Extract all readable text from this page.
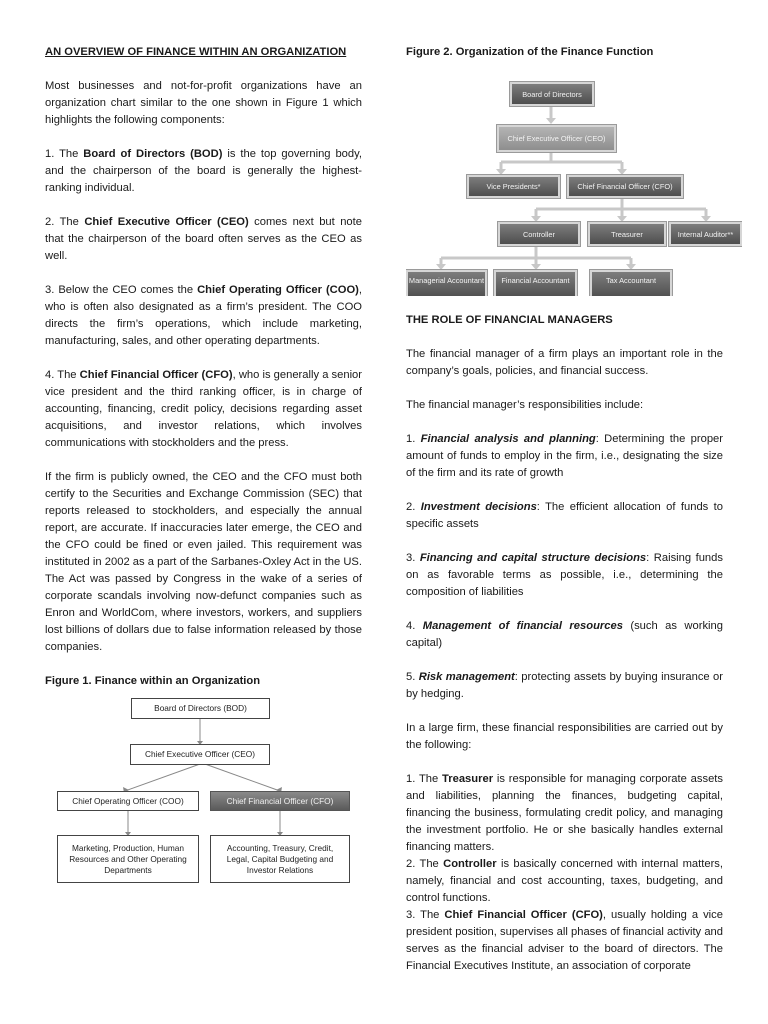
AN OVERVIEW OF FINANCE WITHIN AN ORGANIZATION

Most businesses and not-for-profit organizations have an organization chart similar to the one shown in Figure 1 which highlights the following components:

1. The Board of Directors (BOD) is the top governing body, and the chairperson of the board is generally the highest-ranking individual.

2. The Chief Executive Officer (CEO) comes next but note that the chairperson of the board often serves as the CEO as well.

3. Below the CEO comes the Chief Operating Officer (COO), who is often also designated as a firm’s president. The COO directs the firm’s operations, which include marketing, manufacturing, sales, and other operating departments.

4. The Chief Financial Officer (CFO), who is generally a senior vice president and the third ranking officer, is in charge of accounting, financing, credit policy, decisions regarding asset acquisitions, and investor relations, which involves communications with stockholders and the press.

If the firm is publicly owned, the CEO and the CFO must both certify to the Securities and Exchange Commission (SEC) that reports released to stockholders, and especially the annual report, are accurate. If inaccuracies later emerge, the CEO and the CFO could be fined or even jailed. This requirement was instituted in 2002 as a part of the Sarbanes-Oxley Act in the US. The Act was passed by Congress in the wake of a series of corporate scandals involving now-defunct companies such as Enron and WorldCom, where investors, workers, and suppliers lost billions of dollars due to false information released by those companies.

Figure 1. Finance within an Organization
Board of Directors (BOD)
Chief Executive Officer (CEO)
Chief Operating Officer (COO)	Chief Financial Officer (CFO)
Marketing, Production, Human Resources and Other Operating Departments
Accounting, Treasury, Credit, Legal, Capital Budgeting and Investor Relations
Figure 2. Organization of the Finance Function
Board of Directors
Chief Executive Officer (CEO)
Vice Presidents*	Chief Financial Officer (CFO)
Controller	Treasurer	Internal Auditor**
Managerial Accountant	Financial Accountant	Tax Accountant
THE ROLE OF FINANCIAL MANAGERS

The financial manager of a firm plays an important role in the company’s goals, policies, and financial success.

The financial manager’s responsibilities include:

1. Financial analysis and planning: Determining the proper amount of funds to employ in the firm, i.e., designating the size of the firm and its rate of growth

2. Investment decisions: The efficient allocation of funds to specific assets

3. Financing and capital structure decisions: Raising funds on as favorable terms as possible, i.e., determining the composition of liabilities

4. Management of financial resources (such as working capital)

5. Risk management: protecting assets by buying insurance or by hedging.

In a large firm, these financial responsibilities are carried out by the following:

1. The Treasurer is responsible for managing corporate assets and liabilities, planning the finances, budgeting capital, financing the business, formulating credit policy, and managing the investment portfolio. He or she basically handles external financing matters.

2. The Controller is basically concerned with internal matters, namely, financial and cost accounting, taxes, budgeting, and control functions.

3. The Chief Financial Officer (CFO), usually holding a vice president position, supervises all phases of financial activity and serves as the financial adviser to the board of directors. The Financial Executives Institute, an association of corporate
